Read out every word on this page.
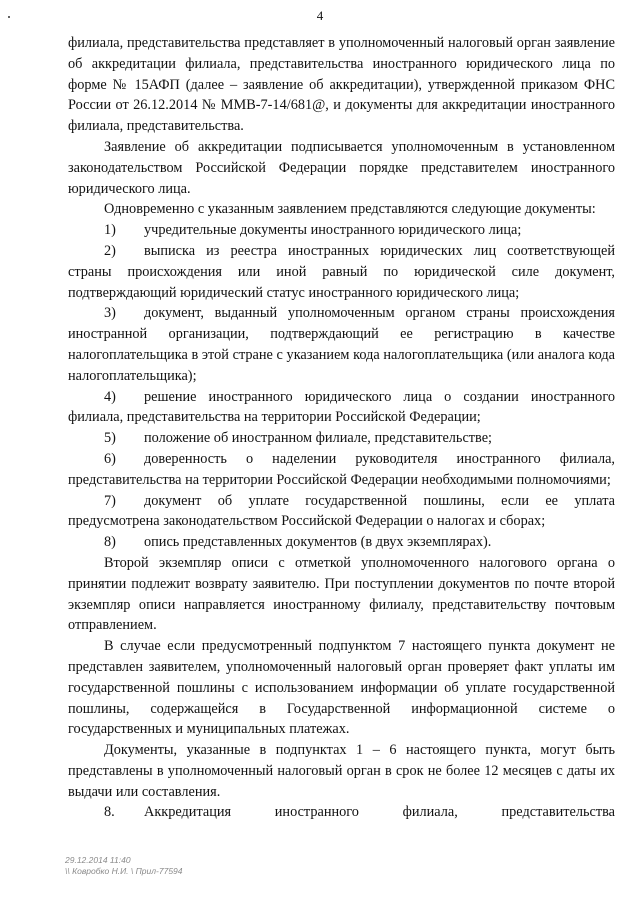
4

филиала, представительства представляет в уполномоченный налоговый орган заявление об аккредитации филиала, представительства иностранного юридического лица по форме № 15АФП (далее – заявление об аккредитации), утвержденной приказом ФНС России от 26.12.2014 № ММВ-7-14/681@, и документы для аккредитации иностранного филиала, представительства.

Заявление об аккредитации подписывается уполномоченным в установленном законодательством Российской Федерации порядке представителем иностранного юридического лица.

Одновременно с указанным заявлением представляются следующие документы:

1) учредительные документы иностранного юридического лица;

2) выписка из реестра иностранных юридических лиц соответствующей страны происхождения или иной равный по юридической силе документ, подтверждающий юридический статус иностранного юридического лица;

3) документ, выданный уполномоченным органом страны происхождения иностранной организации, подтверждающий ее регистрацию в качестве налогоплательщика в этой стране с указанием кода налогоплательщика (или аналога кода налогоплательщика);

4) решение иностранного юридического лица о создании иностранного филиала, представительства на территории Российской Федерации;

5) положение об иностранном филиале, представительстве;

6) доверенность о наделении руководителя иностранного филиала, представительства на территории Российской Федерации необходимыми полномочиями;

7) документ об уплате государственной пошлины, если ее уплата предусмотрена законодательством Российской Федерации о налогах и сборах;

8) опись представленных документов (в двух экземплярах).

Второй экземпляр описи с отметкой уполномоченного налогового органа о принятии подлежит возврату заявителю. При поступлении документов по почте второй экземпляр описи направляется иностранному филиалу, представительству почтовым отправлением.

В случае если предусмотренный подпунктом 7 настоящего пункта документ не представлен заявителем, уполномоченный налоговый орган проверяет факт уплаты им государственной пошлины с использованием информации об уплате государственной пошлины, содержащейся в Государственной информационной системе о государственных и муниципальных платежах.

Документы, указанные в подпунктах 1 – 6 настоящего пункта, могут быть представлены в уполномоченный налоговый орган в срок не более 12 месяцев с даты их выдачи или составления.

8. Аккредитация иностранного филиала, представительства

29.12.2014 11:40
\\ Ковробко Н.И. \ Прил-77594
